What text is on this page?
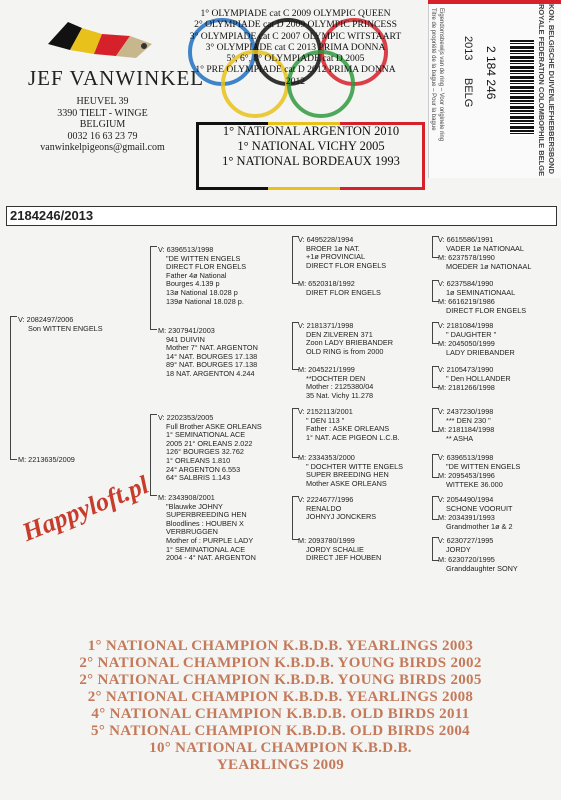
JEF VANWINKEL
HEUVEL 39
3390 TIELT - WINGE
BELGIUM
0032 16 63 23 79
vanwinkelpigeons@gmail.com
1° OLYMPIADE cat C 2009 OLYMPIC QUEEN
2° OLYMPIADE cat D 2009 OLYMPIC PRINCESS
3° OLYMPIADE cat C 2007 OLYMPIC WITSTAART
3° OLYMPIADE cat C 2013 PRIMA DONNA
5°, 6°, 8° OLYMPIADE cat D 2005
1° PRE OLYMPIADE cat D 2012 PRIMA DONNA
2012
1° NATIONAL ARGENTON 2010
1° NATIONAL VICHY 2005
1° NATIONAL BORDEAUX 1993	KON. BELGISCHE DUIVENLIEFHEBBERSBOND
ROYALE FEDERATION COLOMBOPHILE BELGE
Eigendomsbewijs van de ring – Voor originele ring
Titre de propriété de la bague – Pour la bague 2013
BELG 2 184 246
2184246/2013
V: 2082497/2006
Son WITTEN ENGELS
M: 2213635/2009
V: 6396513/1998
"DE WITTEN ENGELS
DIRECT FLOR ENGELS
Father 4ø National
Bourges 4.139 p
13ø National 18.028 p
139ø National 18.028 p.
M: 2307941/2003
941 DUIVIN
Mother 7° NAT. ARGENTON
14° NAT. BOURGES 17.138
89° NAT. BOURGES 17.138
18 NAT. ARGENTON 4.244
V: 2202353/2005
Full Brother ASKE ORLEANS
1° SEMINATIONAL ACE
2005 21° ORLEANS 2.022
126° BOURGES 32.762
1° ORLEANS 1.810
24° ARGENTON 6.553
64° SALBRIS 1.143
M: 2343908/2001
"Blauwke JOHNY
SUPERBREEDING HEN
Bloodlines : HOUBEN X
VERBRUGGEN
Mother of : PURPLE LADY
1° SEMINATIONAL ACE
2004 - 4° NAT. ARGENTON
V: 6495228/1994
BROER 1ø NAT.
+1ø PROVINCIAL
DIRECT FLOR ENGELS
M: 6520318/1992
DIRET FLOR ENGELS
V: 2181371/1998
DEN ZILVEREN 371
Zoon LADY BRIEBANDER
OLD RING is from 2000
M: 2045221/1999
**DOCHTER DEN
Mother : 2125380/04
35 Nat. Vichy 11.278
V: 2152113/2001
" DEN 113 "
Father : ASKE ORLEANS
1° NAT. ACE PIGEON L.C.B.
M: 2334353/2000
" DOCHTER WITTE ENGELS
SUPER BREEDING HEN
Mother ASKE ORLEANS
V: 2224677/1996
RENALDO
JOHNYJ JONCKERS
M: 2093780/1999
JORDY SCHALIE
DIRECT JEF HOUBEN
V: 6615586/1991
VADER 1ø NATIONAAL
M: 6237578/1990
MOEDER 1ø NATIONAAL
V: 6237584/1990
1ø SEMINATIONAAL
M: 6616219/1986
DIRECT FLOR ENGELS
V: 2181084/1998
" DAUGHTER "
M: 2045050/1999
LADY DRIEBANDER
V: 2105473/1990
" Den HOLLANDER
M: 2181266/1998
V: 2437230/1998
*** DEN 230 "
M: 2181184/1998
** ASHA
V: 6396513/1998
"DE WITTEN ENGELS
M: 2095453/1996
WITTEKE 36.000
V: 2054490/1994
SCHONE VOORUIT
M: 2034391/1993
Grandmother 1ø & 2
V: 6230727/1995
JORDY
M: 6230720/1995
Granddaughter SONY
Happyloft.pl
1° NATIONAL CHAMPION K.B.D.B. YEARLINGS 2003
2° NATIONAL CHAMPION K.B.D.B. YOUNG BIRDS 2002
2° NATIONAL CHAMPION K.B.D.B. YOUNG BIRDS 2005
2° NATIONAL CHAMPION K.B.D.B. YEARLINGS 2008
4° NATIONAL CHAMPION K.B.D.B. OLD BIRDS 2011
5° NATIONAL CHAMPION K.B.D.B. OLD BIRDS 2004
10° NATIONAL CHAMPION K.B.D.B.
YEARLINGS 2009
